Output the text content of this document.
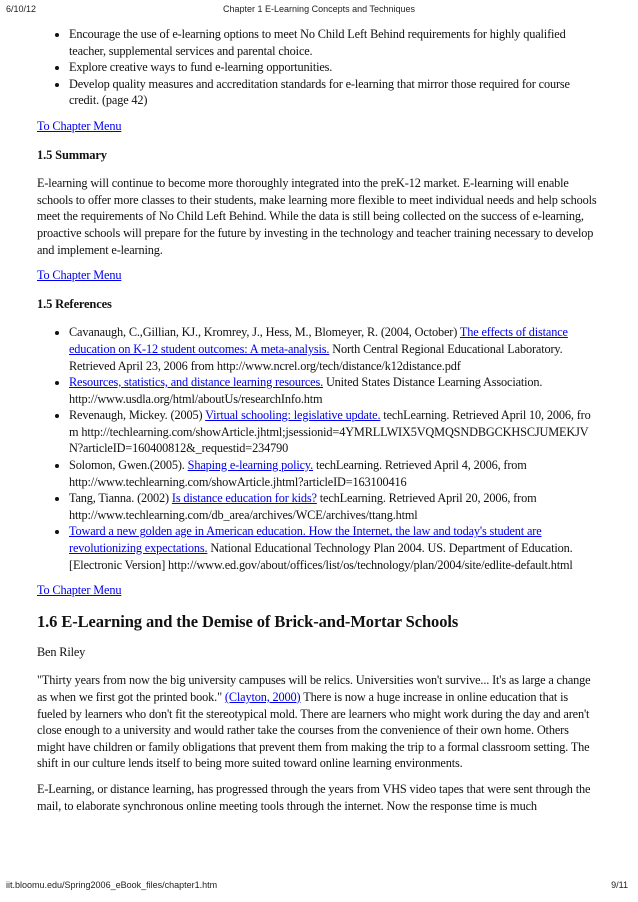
6/10/12	Chapter 1 E-Learning Concepts and Techniques
• Encourage the use of e-learning options to meet No Child Left Behind requirements for highly qualified teacher, supplemental services and parental choice.
• Explore creative ways to fund e-learning opportunities.
• Develop quality measures and accreditation standards for e-learning that mirror those required for course credit. (page 42)

To Chapter Menu

1.5 Summary

E-learning will continue to become more thoroughly integrated into the preK-12 market. E-learning will enable schools to offer more classes to their students, make learning more flexible to meet individual needs and help schools meet the requirements of No Child Left Behind. While the data is still being collected on the success of e-learning, proactive schools will prepare for the future by investing in the technology and teacher training necessary to develop and implement e-learning.

To Chapter Menu

1.5 References

• Cavanaugh, C.,Gillian, KJ., Kromrey, J., Hess, M., Blomeyer, R. (2004, October) The effects of distance education on K-12 student outcomes: A meta-analysis. North Central Regional Educational Laboratory. Retrieved April 23, 2006 from http://www.ncrel.org/tech/distance/k12distance.pdf
• Resources, statistics, and distance learning resources. United States Distance Learning Association. http://www.usdla.org/html/aboutUs/researchInfo.htm
• Revenaugh, Mickey. (2005) Virtual schooling: legislative update. techLearning. Retrieved April 10, 2006, from http://techlearning.com/showArticle.jhtml;jsessionid=4YMRLLWIX5VQMQSNDBGCKHSCJUMEKJVN?articleID=160400812&_requestid=234790
• Solomon, Gwen.(2005). Shaping e-learning policy. techLearning. Retrieved April 4, 2006, from http://www.techlearning.com/showArticle.jhtml?articleID=163100416
• Tang, Tianna. (2002) Is distance education for kids? techLearning. Retrieved April 20, 2006, from http://www.techlearning.com/db_area/archives/WCE/archives/ttang.html
• Toward a new golden age in American education. How the Internet, the law and today's student are revolutionizing expectations. National Educational Technology Plan 2004. US. Department of Education. [Electronic Version] http://www.ed.gov/about/offices/list/os/technology/plan/2004/site/edlite-default.html

To Chapter Menu

1.6 E-Learning and the Demise of Brick-and-Mortar Schools

Ben Riley

"Thirty years from now the big university campuses will be relics. Universities won't survive... It's as large a change as when we first got the printed book." (Clayton, 2000) There is now a huge increase in online education that is fueled by learners who don't fit the stereotypical mold. There are learners who might work during the day and aren't close enough to a university and would rather take the courses from the convenience of their own home. Others might have children or family obligations that prevent them from making the trip to a formal classroom setting. The shift in our culture lends itself to being more suited toward online learning environments.

E-Learning, or distance learning, has progressed through the years from VHS video tapes that were sent through the mail, to elaborate synchronous online meeting tools through the internet. Now the response time is much

iit.bloomu.edu/Spring2006_eBook_files/chapter1.htm	9/11
